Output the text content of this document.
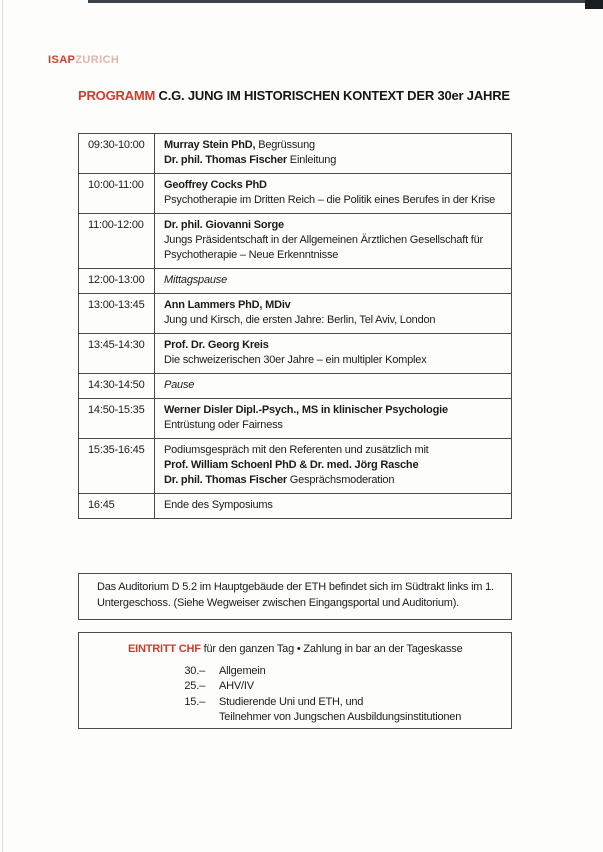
ISAPZURICH
PROGRAMM C.G. JUNG IM HISTORISCHEN KONTEXT DER 30er JAHRE
09:30-10:00	Murray Stein PhD, Begrüssung
Dr. phil. Thomas Fischer Einleitung

10:00-11:00	Geoffrey Cocks PhD
Psychotherapie im Dritten Reich – die Politik eines Berufes in der Krise

11:00-12:00	Dr. phil. Giovanni Sorge
Jungs Präsidentschaft in der Allgemeinen Ärztlichen Gesellschaft für Psychotherapie – Neue Erkenntnisse

12:00-13:00	Mittagspause

13:00-13:45	Ann Lammers PhD, MDiv
Jung und Kirsch, die ersten Jahre: Berlin, Tel Aviv, London

13:45-14:30	Prof. Dr. Georg Kreis
Die schweizerischen 30er Jahre – ein multipler Komplex

14:30-14:50	Pause

14:50-15:35	Werner Disler Dipl.-Psych., MS in klinischer Psychologie
Entrüstung oder Fairness

15:35-16:45	Podiumsgespräch mit den Referenten und zusätzlich mit
Prof. William Schoenl PhD & Dr. med. Jörg Rasche
Dr. phil. Thomas Fischer Gesprächsmoderation

16:45	Ende des Symposiums
Das Auditorium D 5.2 im Hauptgebäude der ETH befindet sich im Südtrakt links im 1. Untergeschoss. (Siehe Wegweiser zwischen Eingangsportal und Auditorium).
EINTRITT CHF für den ganzen Tag • Zahlung in bar an der Tageskasse
30.– Allgemein
25.– AHV/IV
15.– Studierende Uni und ETH, und
Teilnehmer von Jungschen Ausbildungsinstitutionen
